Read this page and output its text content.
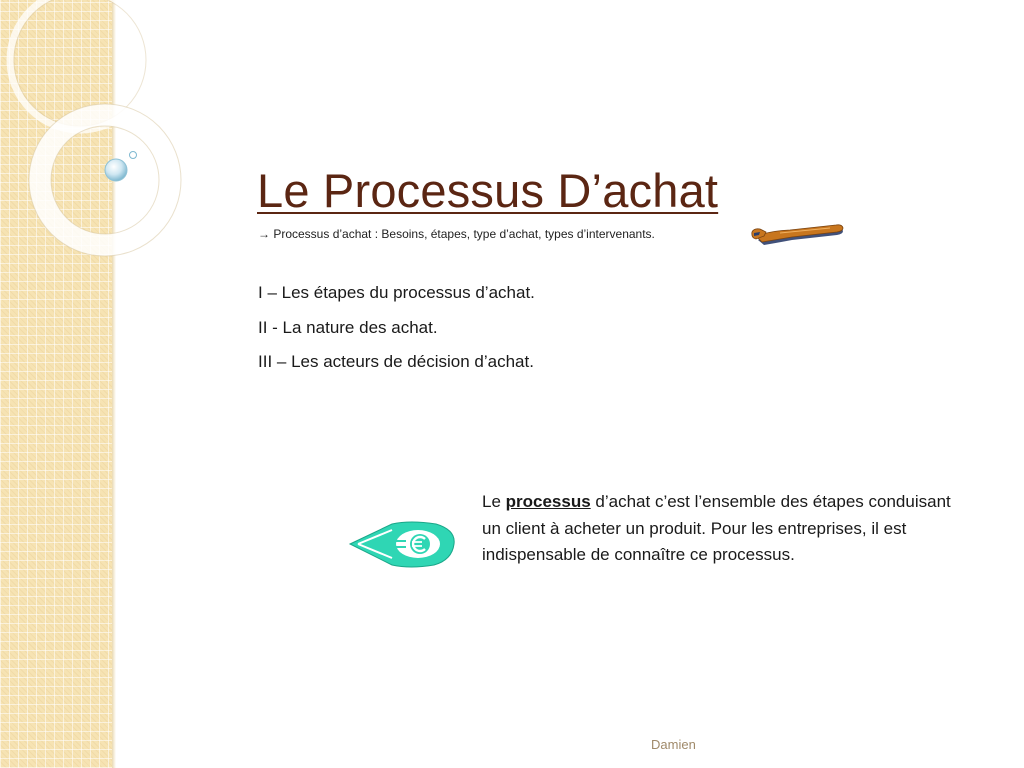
Le Processus D’achat
→ Processus d’achat : Besoins, étapes, type d’achat, types d’intervenants.
I – Les étapes du processus d’achat.
II - La nature des achat.
III – Les acteurs de décision d’achat.
Le processus d’achat c’est l’ensemble des étapes conduisant un client à acheter un produit. Pour les entreprises, il est indispensable de connaître ce processus.
Damien
